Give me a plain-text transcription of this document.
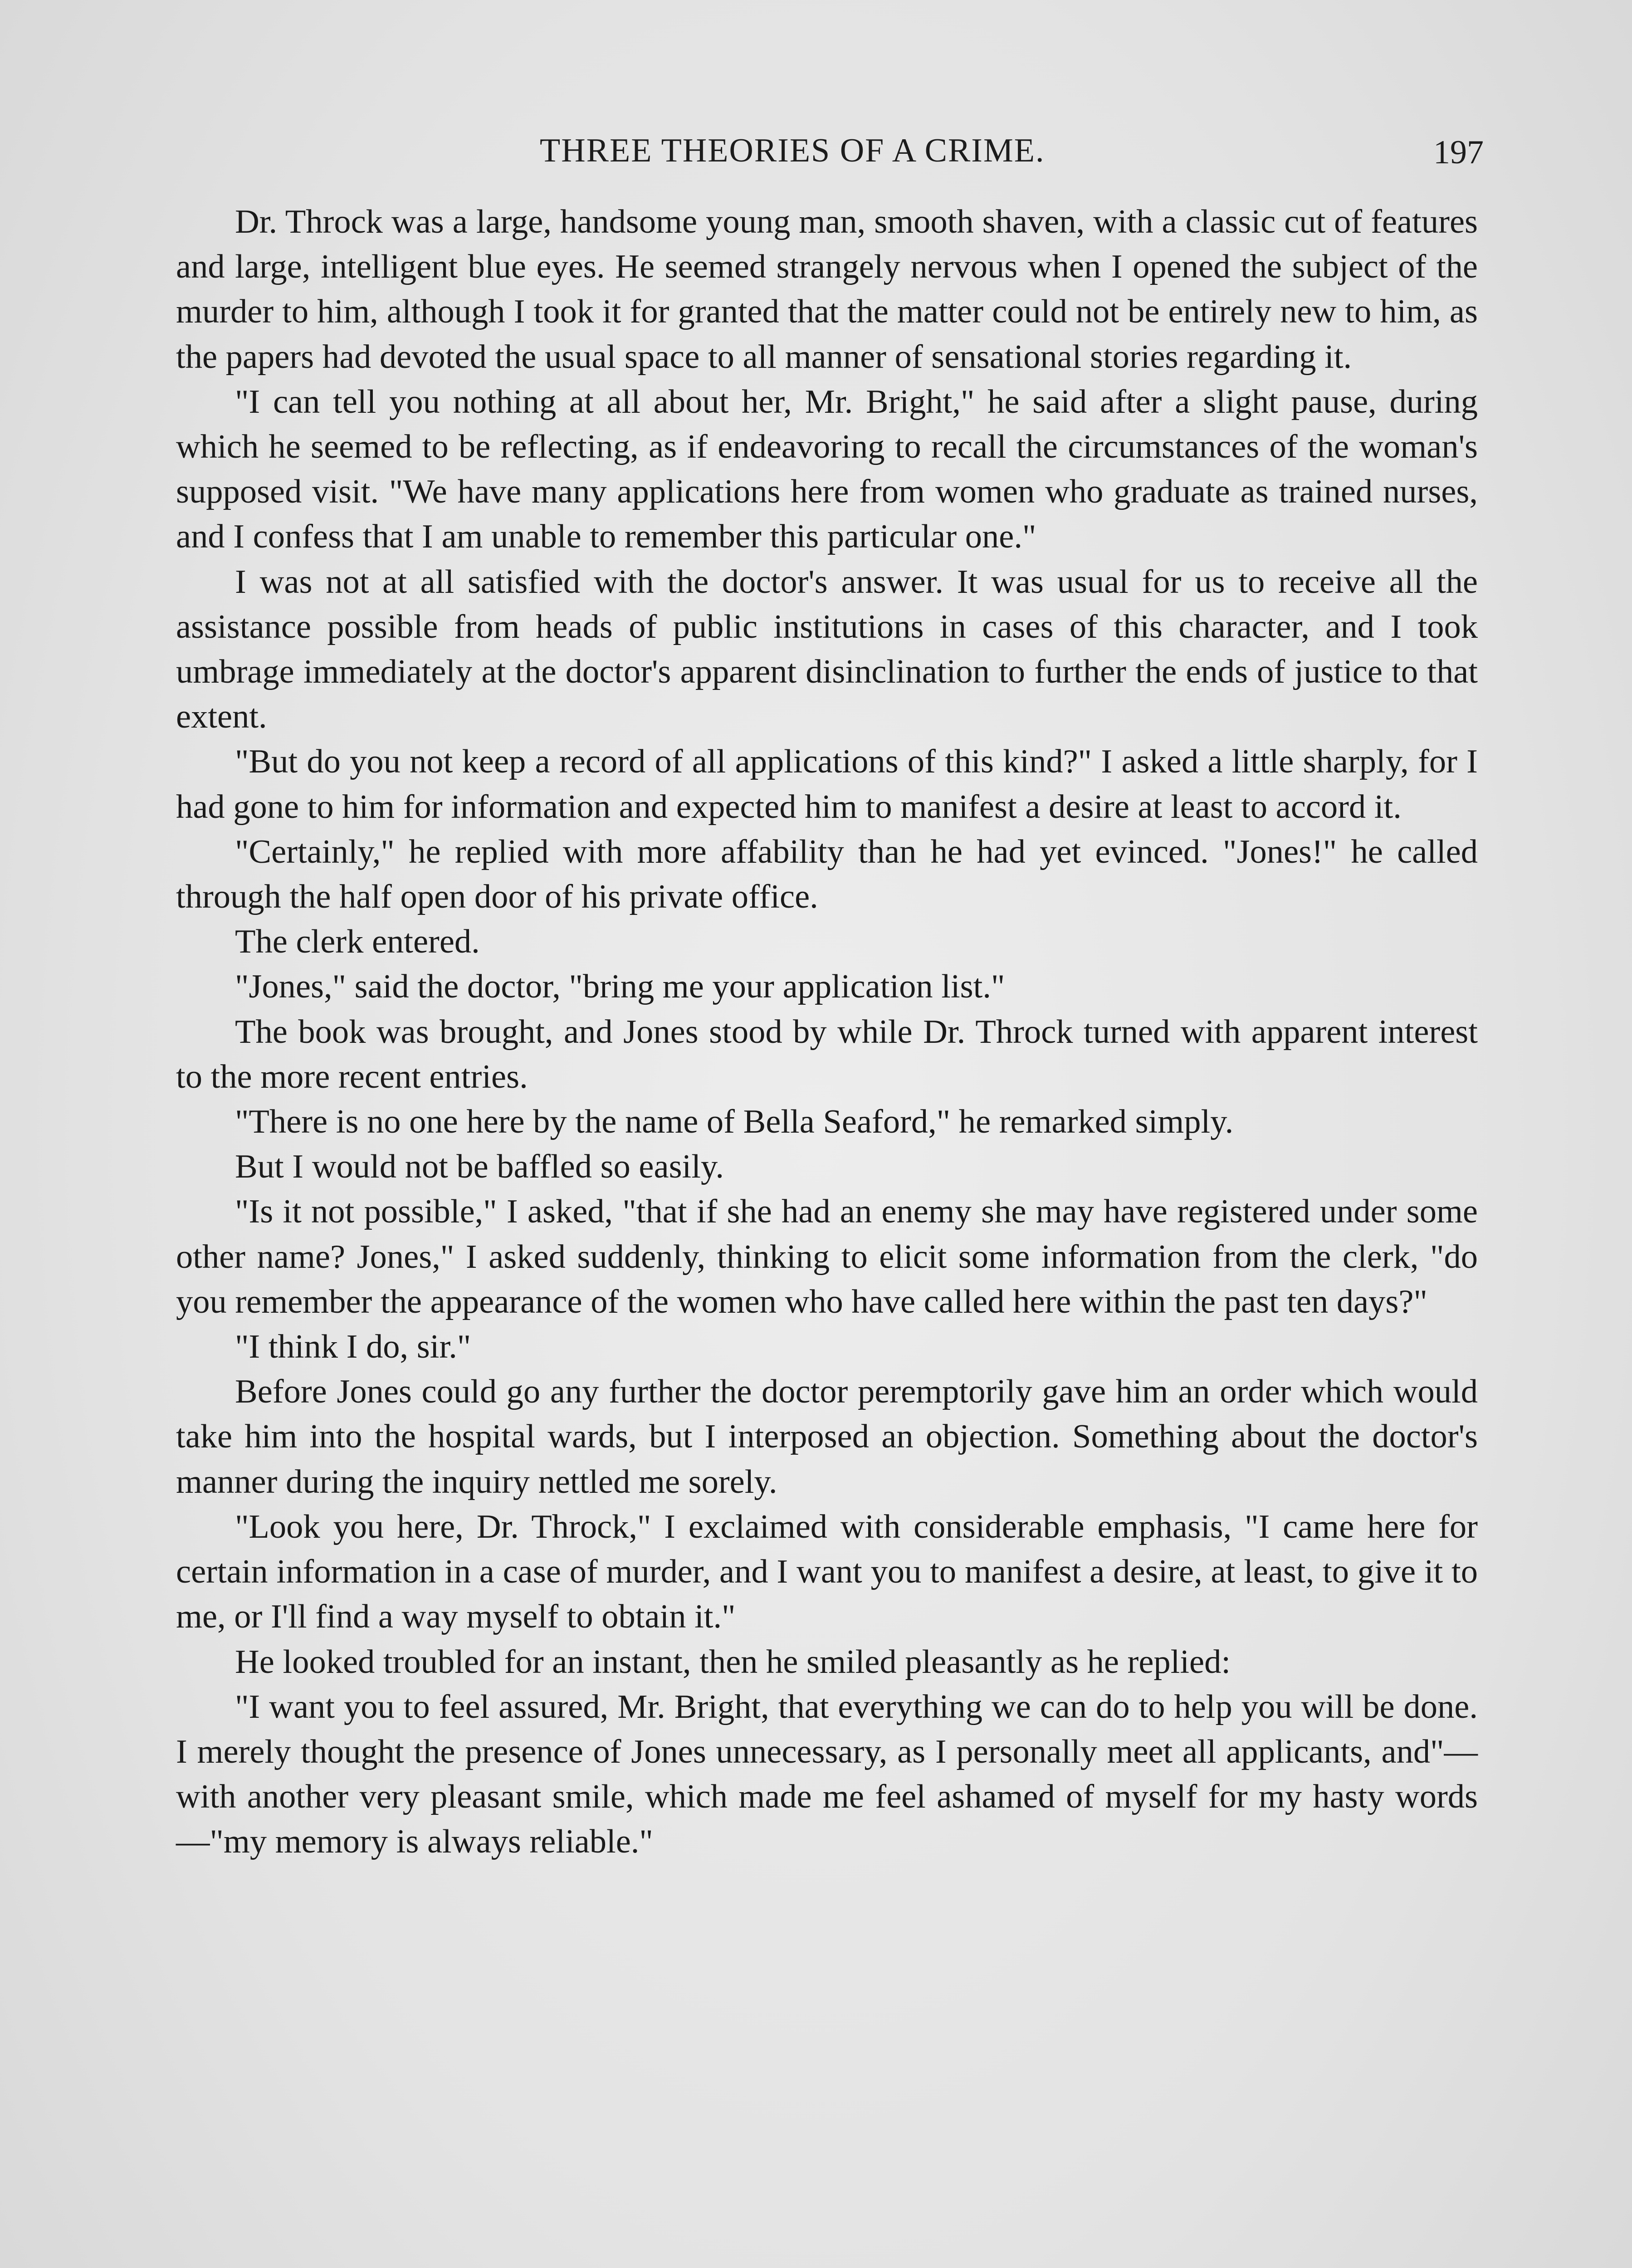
THREE THEORIES OF A CRIME.	197

Dr. Throck was a large, handsome young man, smooth shaven, with a classic cut of features and large, intelligent blue eyes. He seemed strangely nervous when I opened the subject of the murder to him, although I took it for granted that the matter could not be entirely new to him, as the papers had devoted the usual space to all manner of sensational stories regarding it.

"I can tell you nothing at all about her, Mr. Bright," he said after a slight pause, during which he seemed to be reflecting, as if endeavoring to recall the circumstances of the woman's supposed visit. "We have many applications here from women who graduate as trained nurses, and I confess that I am unable to remember this particular one."

I was not at all satisfied with the doctor's answer. It was usual for us to receive all the assistance possible from heads of public institutions in cases of this character, and I took umbrage immediately at the doctor's apparent disinclination to further the ends of justice to that extent.

"But do you not keep a record of all applications of this kind?" I asked a little sharply, for I had gone to him for information and expected him to manifest a desire at least to accord it.

"Certainly," he replied with more affability than he had yet evinced. "Jones!" he called through the half open door of his private office.

The clerk entered.

"Jones," said the doctor, "bring me your application list."

The book was brought, and Jones stood by while Dr. Throck turned with apparent interest to the more recent entries.

"There is no one here by the name of Bella Seaford," he remarked simply.

But I would not be baffled so easily.

"Is it not possible," I asked, "that if she had an enemy she may have registered under some other name? Jones," I asked suddenly, thinking to elicit some information from the clerk, "do you remember the appearance of the women who have called here within the past ten days?"

"I think I do, sir."

Before Jones could go any further the doctor peremptorily gave him an order which would take him into the hospital wards, but I interposed an objection. Something about the doctor's manner during the inquiry nettled me sorely.

"Look you here, Dr. Throck," I exclaimed with considerable emphasis, "I came here for certain information in a case of murder, and I want you to manifest a desire, at least, to give it to me, or I'll find a way myself to obtain it."

He looked troubled for an instant, then he smiled pleasantly as he replied:

"I want you to feel assured, Mr. Bright, that everything we can do to help you will be done. I merely thought the presence of Jones unnecessary, as I personally meet all applicants, and"—with another very pleasant smile, which made me feel ashamed of myself for my hasty words—"my memory is always reliable."
